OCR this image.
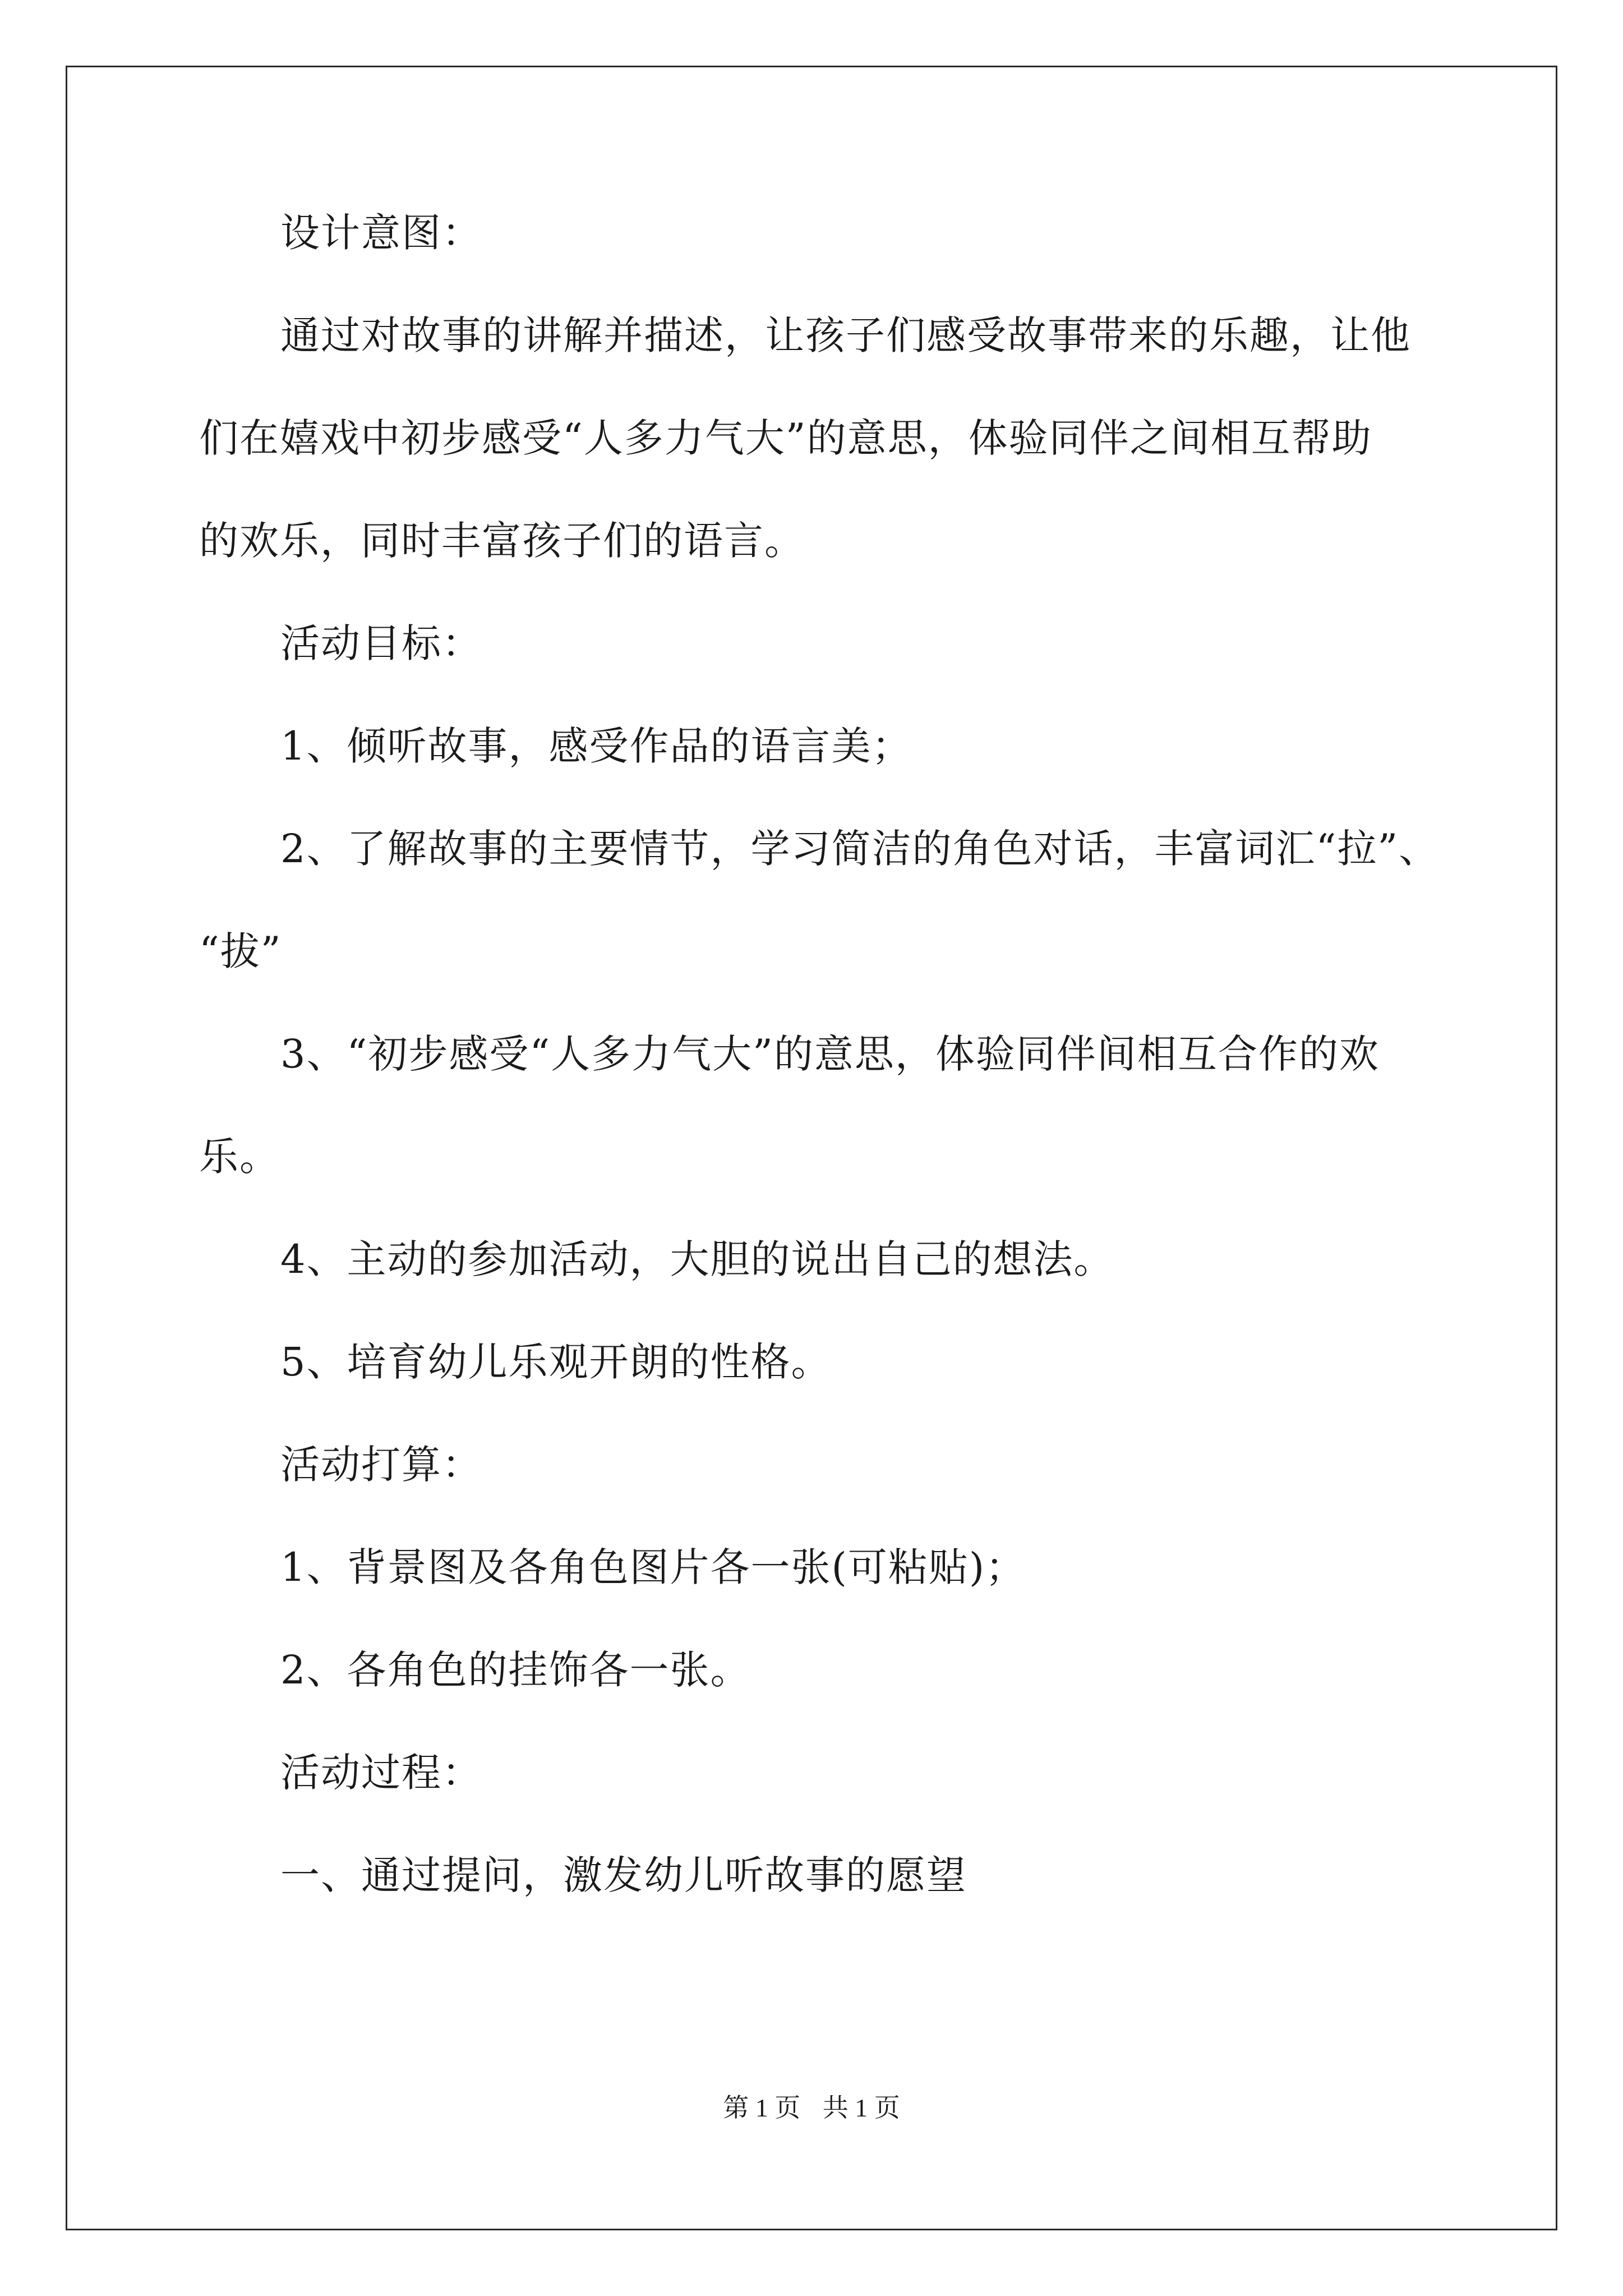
设计意图：
通过对故事的讲解并描述，让孩子们感受故事带来的乐趣，让他
们在嬉戏中初步感受“人多力气大”的意思，体验同伴之间相互帮助
的欢乐，同时丰富孩子们的语言。
活动目标：
1、倾听故事，感受作品的语言美；
2、了解故事的主要情节，学习简洁的角色对话，丰富词汇“拉”、
“拔”
3、“初步感受“人多力气大”的意思，体验同伴间相互合作的欢
乐。
4、主动的参加活动，大胆的说出自己的想法。
5、培育幼儿乐观开朗的性格。
活动打算：
1、背景图及各角色图片各一张(可粘贴)；
2、各角色的挂饰各一张。
活动过程：
一、通过提问，激发幼儿听故事的愿望
第 1 页 共 1 页
